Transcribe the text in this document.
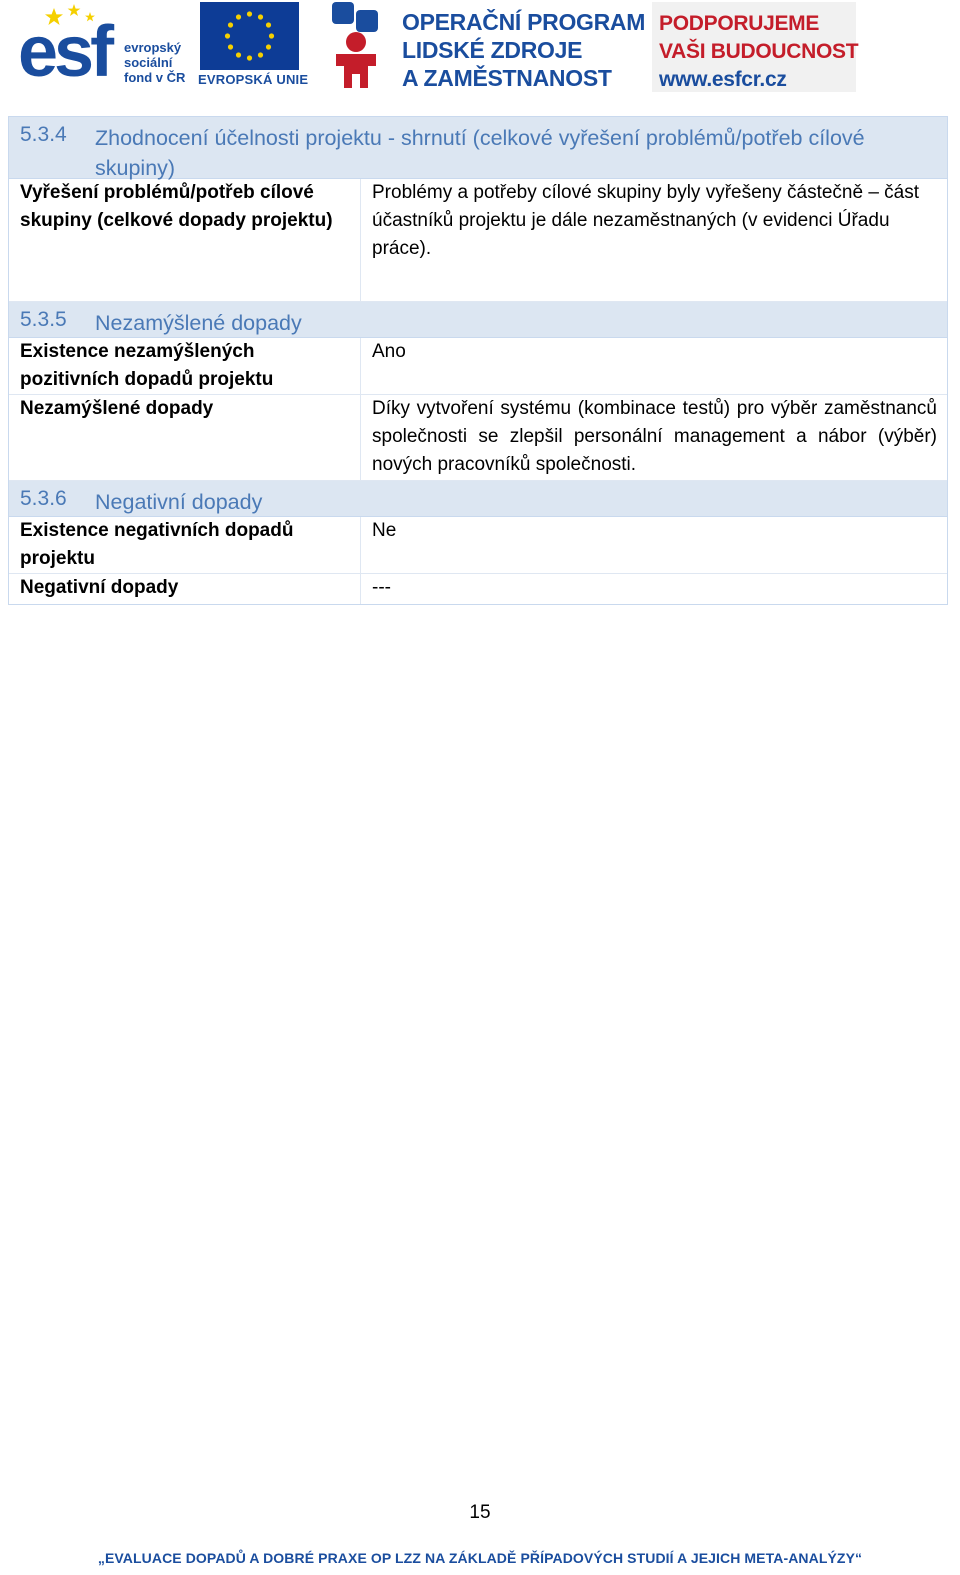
esf evropský
sociální
fond v ČR EVROPSKÁ UNIE
OPERAČNÍ PROGRAM
LIDSKÉ ZDROJE
A ZAMĚSTNANOST
PODPORUJEME
VAŠI BUDOUCNOST
www.esfcr.cz
5.3.4 Zhodnocení účelnosti projektu - shrnutí (celkové vyřešení problémů/potřeb cílové skupiny)
Vyřešení problémů/potřeb cílové skupiny (celkové dopady projektu)
Problémy a potřeby cílové skupiny byly vyřešeny částečně – část účastníků projektu je dále nezaměstnaných (v evidenci Úřadu práce).
5.3.5 Nezamýšlené dopady
Existence nezamýšlených pozitivních dopadů projektu
Ano
Nezamýšlené dopady	Díky vytvoření systému (kombinace testů) pro výběr zaměstnanců společnosti se zlepšil personální management a nábor (výběr) nových pracovníků společnosti.
5.3.6 Negativní dopady
Existence negativních dopadů projektu
Ne
Negativní dopady	---
15
„EVALUACE DOPADŮ A DOBRÉ PRAXE OP LZZ NA ZÁKLADĚ PŘÍPADOVÝCH STUDIÍ A JEJICH META-ANALÝZY“
